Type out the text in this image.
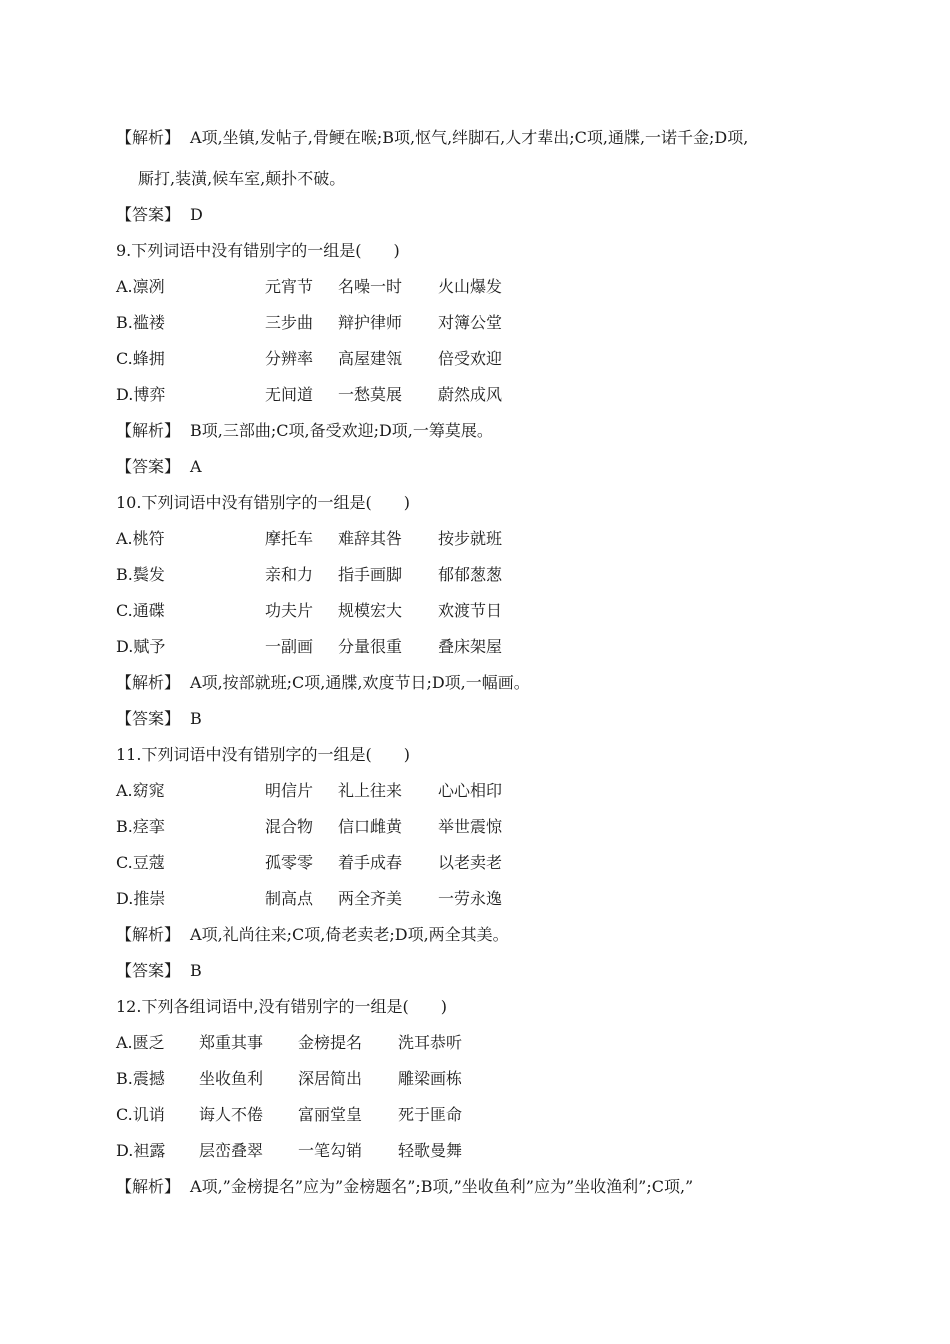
【解析】 A项,坐镇,发帖子,骨鲠在喉;B项,怄气,绊脚石,人才辈出;C项,通牒,一诺千金;D项,
厮打,装潢,候车室,颠扑不破。
【答案】 D
9.下列词语中没有错别字的一组是(　　)
A.凛冽	元宵节 名噪一时 火山爆发
B.褴褛	三步曲 辩护律师 对簿公堂
C.蜂拥	分辨率 高屋建瓴 倍受欢迎
D.博弈	无间道 一愁莫展 蔚然成风
【解析】 B项,三部曲;C项,备受欢迎;D项,一筹莫展。
【答案】 A
10.下列词语中没有错别字的一组是(　　)
A.桃符	摩托车 难辞其咎 按步就班
B.鬓发	亲和力 指手画脚 郁郁葱葱
C.通碟	功夫片 规模宏大 欢渡节日
D.赋予	一副画 分量很重 叠床架屋
【解析】 A项,按部就班;C项,通牒,欢度节日;D项,一幅画。
【答案】 B
11.下列词语中没有错别字的一组是(　　)
A.窈窕	明信片 礼上往来 心心相印
B.痉挛	混合物 信口雌黄 举世震惊
C.豆蔻	孤零零 着手成春 以老卖老
D.推崇	制高点 两全齐美 一劳永逸
【解析】 A项,礼尚往来;C项,倚老卖老;D项,两全其美。
【答案】 B
12.下列各组词语中,没有错别字的一组是(　　)
A.匮乏 郑重其事 金榜提名 洗耳恭听
B.震撼 坐收鱼利 深居简出 雕梁画栋
C.讥诮 诲人不倦 富丽堂皇 死于匪命
D.袒露 层峦叠翠 一笔勾销 轻歌曼舞
【解析】 A项,”金榜提名”应为”金榜题名”;B项,”坐收鱼利”应为”坐收渔利”;C项,”
